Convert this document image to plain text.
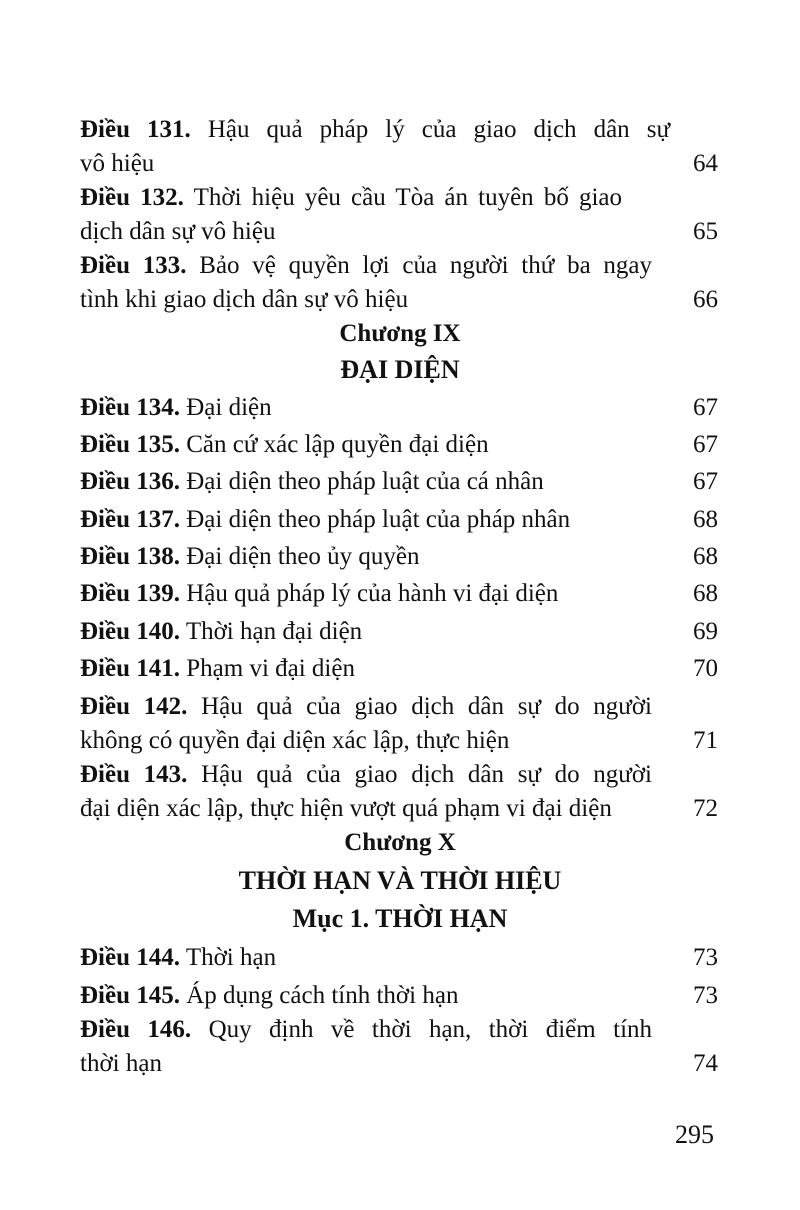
Điều 131. Hậu quả pháp lý của giao dịch dân sự
vô hiệu	64
Điều 132. Thời hiệu yêu cầu Tòa án tuyên bố giao
dịch dân sự vô hiệu	65
Điều 133. Bảo vệ quyền lợi của người thứ ba ngay
tình khi giao dịch dân sự vô hiệu	66
Chương IX
ĐẠI DIỆN
Điều 134. Đại diện	67
Điều 135. Căn cứ xác lập quyền đại diện	67
Điều 136. Đại diện theo pháp luật của cá nhân	67
Điều 137. Đại diện theo pháp luật của pháp nhân	68
Điều 138. Đại diện theo ủy quyền	68
Điều 139. Hậu quả pháp lý của hành vi đại diện	68
Điều 140. Thời hạn đại diện	69
Điều 141. Phạm vi đại diện	70
Điều 142. Hậu quả của giao dịch dân sự do người
không có quyền đại diện xác lập, thực hiện	71
Điều 143. Hậu quả của giao dịch dân sự do người
đại diện xác lập, thực hiện vượt quá phạm vi đại diện	72
Chương X
THỜI HẠN VÀ THỜI HIỆU
Mục 1. THỜI HẠN
Điều 144. Thời hạn	73
Điều 145. Áp dụng cách tính thời hạn	73
Điều 146. Quy định về thời hạn, thời điểm tính
thời hạn	74
295
